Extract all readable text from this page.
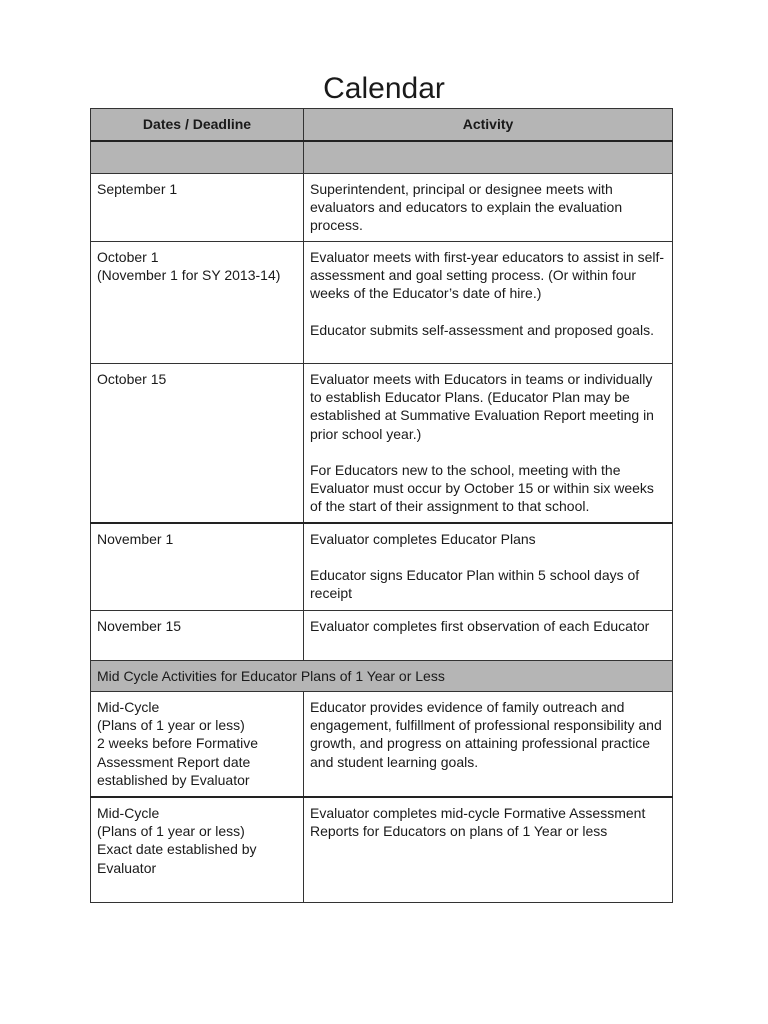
Calendar
Dates / Deadline	Activity

September 1	Superintendent, principal or designee meets with evaluators and educators to explain the evaluation process.

October 1
(November 1 for SY 2013-14)	Evaluator meets with first-year educators to assist in self-assessment and goal setting process. (Or within four weeks of the Educator’s date of hire.)
Educator submits self-assessment and proposed goals.

October 15	Evaluator meets with Educators in teams or individually to establish Educator Plans. (Educator Plan may be established at Summative Evaluation Report meeting in prior school year.)
For Educators new to the school, meeting with the Evaluator must occur by October 15 or within six weeks of the start of their assignment to that school.

November 1	Evaluator completes Educator Plans
Educator signs Educator Plan within 5 school days of receipt

November 15	Evaluator completes first observation of each Educator

Mid Cycle Activities for Educator Plans of 1 Year or Less	

Mid-Cycle
(Plans of 1 year or less)
2 weeks before Formative
Assessment Report date
established by Evaluator	Educator provides evidence of family outreach and engagement, fulfillment of professional responsibility and growth, and progress on attaining professional practice and student learning goals.

Mid-Cycle
(Plans of 1 year or less)
Exact date established by
Evaluator	Evaluator completes mid-cycle Formative Assessment Reports for Educators on plans of 1 Year or less
